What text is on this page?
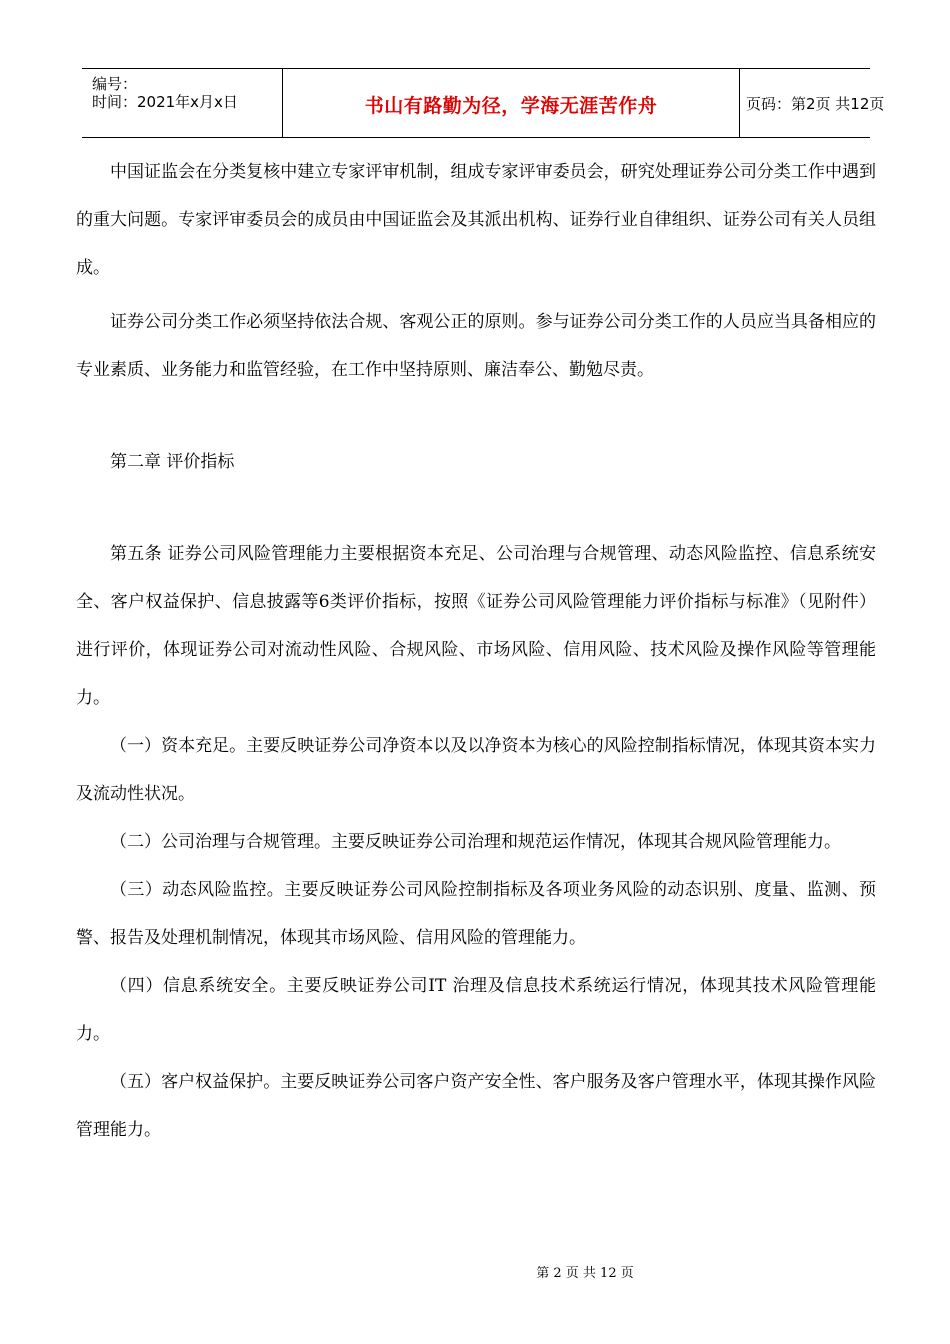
编号：
时间：2021年x月x日	书山有路勤为径，学海无涯苦作舟	页码：第2页 共12页

中国证监会在分类复核中建立专家评审机制，组成专家评审委员会，研究处理证券公司分类工作中遇到的重大问题。专家评审委员会的成员由中国证监会及其派出机构、证券行业自律组织、证券公司有关人员组成。

证券公司分类工作必须坚持依法合规、客观公正的原则。参与证券公司分类工作的人员应当具备相应的专业素质、业务能力和监管经验，在工作中坚持原则、廉洁奉公、勤勉尽责。

第二章 评价指标

第五条 证券公司风险管理能力主要根据资本充足、公司治理与合规管理、动态风险监控、信息系统安全、客户权益保护、信息披露等6类评价指标，按照《证券公司风险管理能力评价指标与标准》（见附件）进行评价，体现证券公司对流动性风险、合规风险、市场风险、信用风险、技术风险及操作风险等管理能力。

（一）资本充足。主要反映证券公司净资本以及以净资本为核心的风险控制指标情况，体现其资本实力及流动性状况。

（二）公司治理与合规管理。主要反映证券公司治理和规范运作情况，体现其合规风险管理能力。

（三）动态风险监控。主要反映证券公司风险控制指标及各项业务风险的动态识别、度量、监测、预警、报告及处理机制情况，体现其市场风险、信用风险的管理能力。

（四）信息系统安全。主要反映证券公司IT 治理及信息技术系统运行情况，体现其技术风险管理能力。

（五）客户权益保护。主要反映证券公司客户资产安全性、客户服务及客户管理水平，体现其操作风险管理能力。

第 2 页 共 12 页
